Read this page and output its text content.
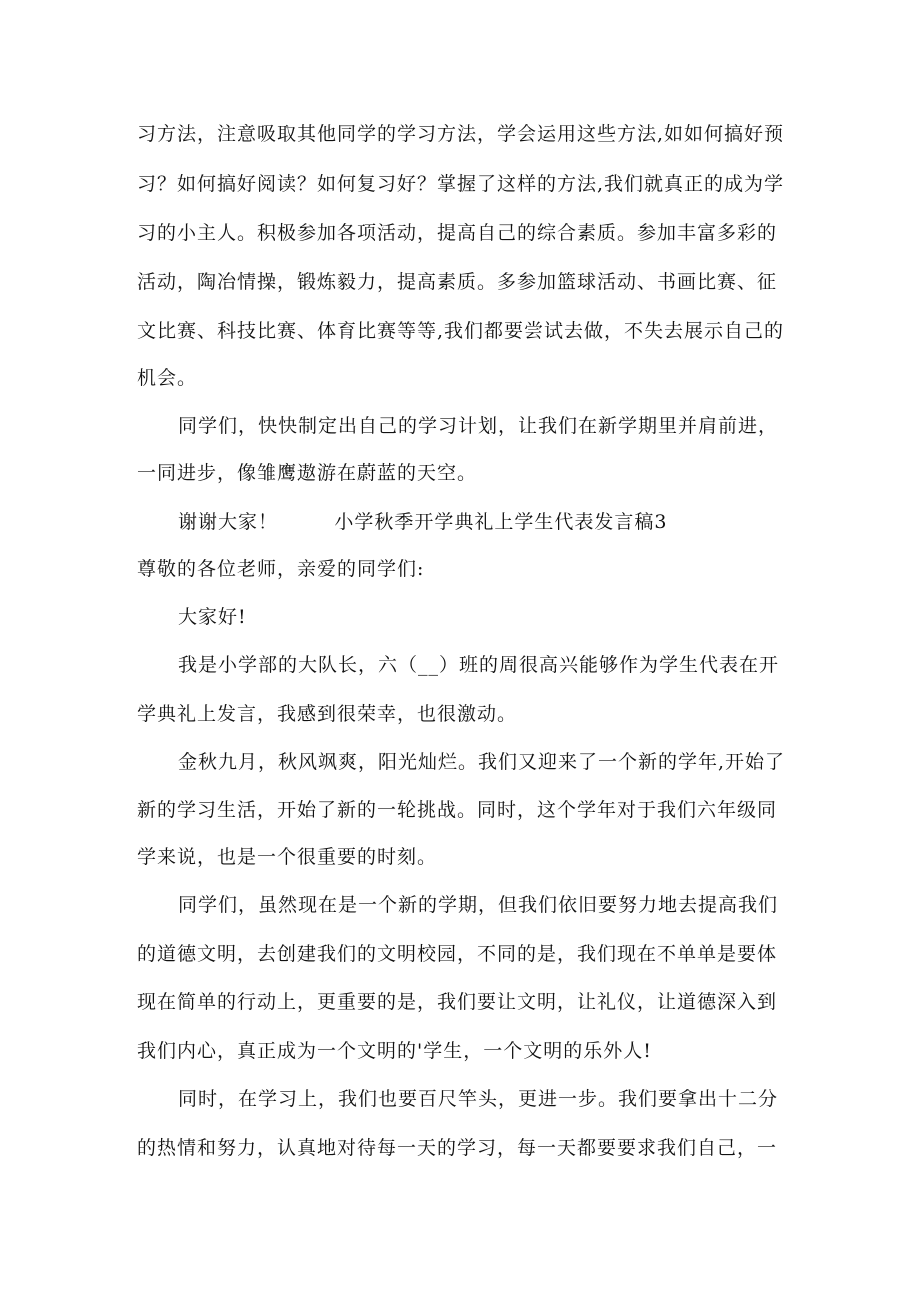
习方法，注意吸取其他同学的学习方法，学会运用这些方法,如如何搞好预
习？如何搞好阅读？如何复习好？掌握了这样的方法,我们就真正的成为学
习的小主人。积极参加各项活动，提高自己的综合素质。参加丰富多彩的
活动，陶冶情操，锻炼毅力，提高素质。多参加篮球活动、书画比赛、征
文比赛、科技比赛、体育比赛等等,我们都要尝试去做，不失去展示自己的
机会。
同学们，快快制定出自己的学习计划，让我们在新学期里并肩前进，
一同进步，像雏鹰遨游在蔚蓝的天空。
谢谢大家！        小学秋季开学典礼上学生代表发言稿3
尊敬的各位老师，亲爱的同学们:
大家好!
我是小学部的大队长，六（__）班的周很高兴能够作为学生代表在开
学典礼上发言，我感到很荣幸，也很激动。
金秋九月，秋风飒爽，阳光灿烂。我们又迎来了一个新的学年,开始了
新的学习生活，开始了新的一轮挑战。同时，这个学年对于我们六年级同
学来说，也是一个很重要的时刻。
同学们，虽然现在是一个新的学期，但我们依旧要努力地去提高我们
的道德文明，去创建我们的文明校园，不同的是，我们现在不单单是要体
现在简单的行动上，更重要的是，我们要让文明，让礼仪，让道德深入到
我们内心，真正成为一个文明的'学生，一个文明的乐外人!
同时，在学习上，我们也要百尺竿头，更进一步。我们要拿出十二分
的热情和努力，认真地对待每一天的学习，每一天都要要求我们自己，一
